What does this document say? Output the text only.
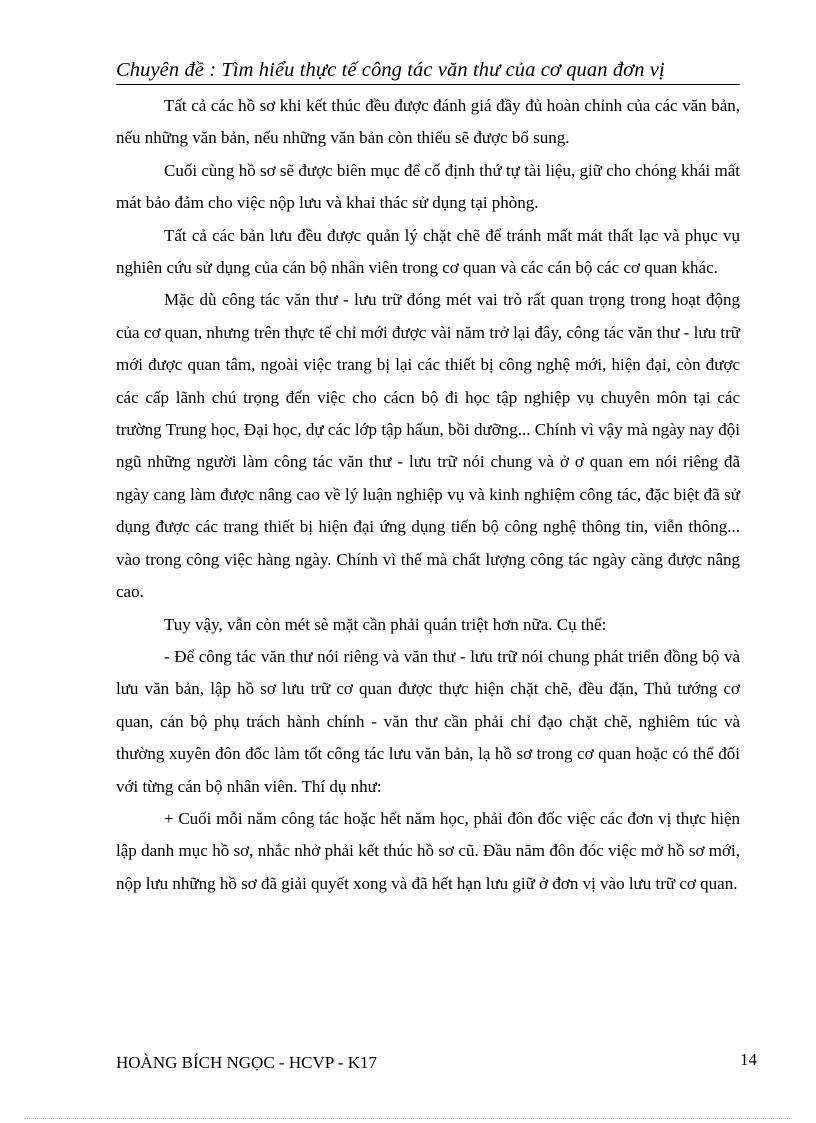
Chuyên đề : Tìm hiểu thực tế công tác văn thư của cơ quan đơn vị

Tất cả các hồ sơ khi kết thúc đều được đánh giá đầy đủ hoàn chỉnh của các văn bản, nếu những văn bản, nếu những văn bản còn thiếu sẽ được bổ sung.

Cuối cùng hồ sơ sẽ được biên mục để cố định thứ tự tài liệu, giữ cho chóng khái mất mát bảo đảm cho việc nộp lưu và khai thác sử dụng tại phòng.

Tất cả các bản lưu đều được quản lý chặt chẽ để tránh mất mát thất lạc và phục vụ nghiên cứu sử dụng của cán bộ nhân viên trong cơ quan và các cán bộ các cơ quan khác.

Mặc dù công tác văn thư - lưu trữ đóng mét vai trò rất quan trọng trong hoạt động của cơ quan, nhưng trên thực tế chỉ mới được vài năm trở lại đây, công tác văn thư - lưu trữ mới được quan tâm, ngoài việc trang bị lại các thiết bị công nghệ mới, hiện đại, còn được các cấp lãnh chú trọng đến việc cho cácn bộ đi học tập nghiệp vụ chuyên môn tại các trường Trung học, Đại học, dự các lớp tập hấun, bồi dưỡng... Chính vì vậy mà ngày nay đội ngũ những người làm công tác văn thư - lưu trữ nói chung và ở ơ quan em nói riêng đã ngày cang làm được nâng cao về lý luận nghiệp vụ và kinh nghiệm công tác, đặc biệt đã sử dụng được các trang thiết bị hiện đại ứng dụng tiến bộ công nghệ thông tin, viễn thông... vào trong công việc hàng ngày. Chính vì thế mà chất lượng công tác ngày càng được nâng cao.

Tuy vậy, vẫn còn mét sè mặt cần phải quán triệt hơn nữa. Cụ thể:

- Để công tác văn thư nói riêng và văn thư - lưu trữ nói chung phát triển đồng bộ và lưu văn bản, lập hồ sơ lưu trữ cơ quan được thực hiện chặt chẽ, đều đặn, Thủ tướng cơ quan, cán bộ phụ trách hành chính - văn thư cần phải chỉ đạo chặt chẽ, nghiêm túc và thường xuyên đôn đốc làm tốt công tác lưu văn bản, lạ hồ sơ trong cơ quan hoặc có thể đối với từng cán bộ nhân viên. Thí dụ như:

+ Cuối mỗi năm công tác hoặc hết năm học, phải đôn đốc việc các đơn vị thực hiện lập danh mục hồ sơ, nhắc nhở phải kết thúc hồ sơ cũ. Đầu năm đôn đóc việc mở hồ sơ mới, nộp lưu những hồ sơ đã giải quyết xong và đã hết hạn lưu giữ ở đơn vị vào lưu trữ cơ quan.

HOÀNG BÍCH NGỌC - HCVP - K17	14
